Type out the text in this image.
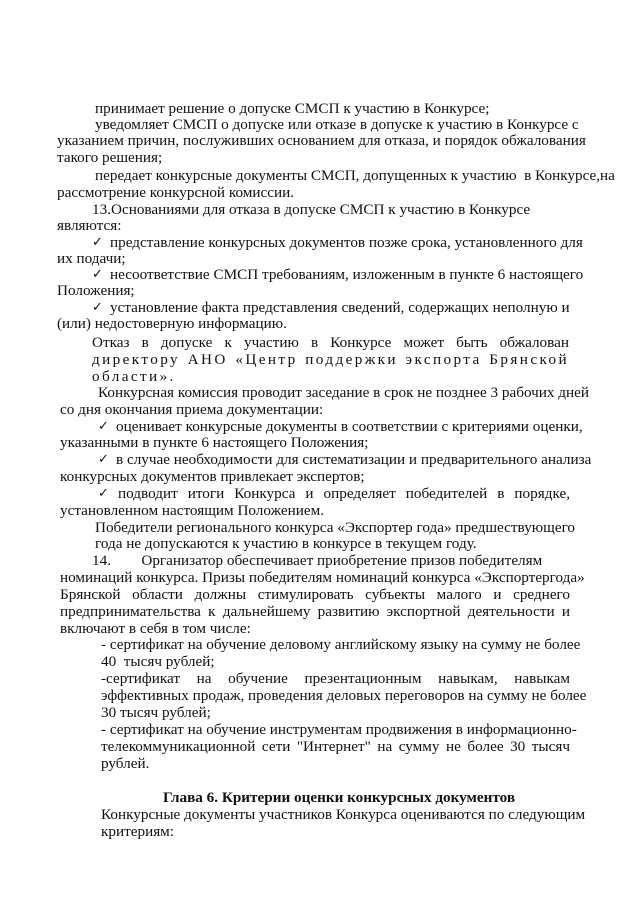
принимает решение о допуске СМСП к участию в Конкурсе;
уведомляет СМСП о допуске или отказе в допуске к участию в Конкурсе с
указанием причин, послуживших основанием для отказа, и порядок обжалования
такого решения;
передает конкурсные документы СМСП, допущенных к участию  в Конкурсе,на
рассмотрение конкурсной комиссии.
13.Основаниями для отказа в допуске СМСП к участию в Конкурсе
являются:
✓ представление конкурсных документов позже срока, установленного для
их подачи;
✓ несоответствие СМСП требованиям, изложенным в пункте 6 настоящего
Положения;
✓ установление факта представления сведений, содержащих неполную и
(или) недостоверную информацию.
Отказ в допуске к участию в Конкурсе может быть обжалован
директору АНО «Центр поддержки экспорта Брянской
области».
Конкурсная комиссия проводит заседание в срок не позднее 3 рабочих дней
со дня окончания приема документации:
✓ оценивает конкурсные документы в соответствии с критериями оценки,
указанными в пункте 6 настоящего Положения;
✓ в случае необходимости для систематизации и предварительного анализа
конкурсных документов привлекает экспертов;
✓ подводит итоги Конкурса и определяет победителей в порядке,
установленном настоящим Положением.
Победители регионального конкурса «Экспортер года» предшествующего
года не допускаются к участию в конкурсе в текущем году.
14.        Организатор обеспечивает приобретение призов победителям
номинаций конкурса. Призы победителям номинаций конкурса «Экспортергода»
Брянской области должны стимулировать субъекты малого и среднего
предпринимательства к дальнейшему развитию экспортной деятельности и
включают в себя в том числе:
- сертификат на обучение деловому английскому языку на сумму не более
40  тысяч рублей;
-сертификат на обучение презентационным навыкам, навыкам
эффективных продаж, проведения деловых переговоров на сумму не более
30 тысяч рублей;
- сертификат на обучение инструментам продвижения в информационно-
телекоммуникационной сети "Интернет" на сумму не более 30 тысяч
рублей.
Глава 6. Критерии оценки конкурсных документов
Конкурсные документы участников Конкурса оцениваются по следующим
критериям:
